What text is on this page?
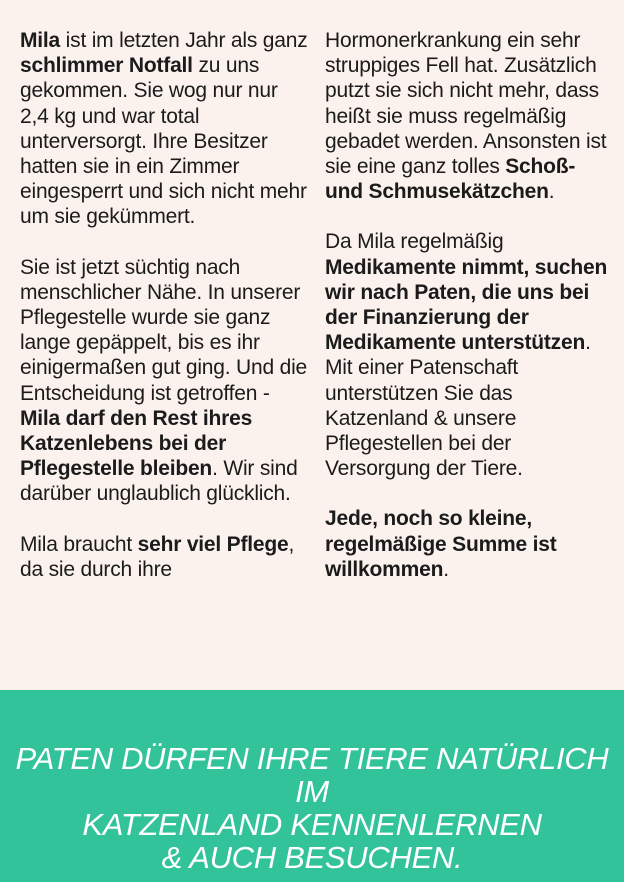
Mila ist im letzten Jahr als ganz schlimmer Notfall zu uns gekommen. Sie wog nur nur 2,4 kg und war total unterversorgt. Ihre Besitzer hatten sie in ein Zimmer eingesperrt und sich nicht mehr um sie gekümmert.

Sie ist jetzt süchtig nach menschlicher Nähe. In unserer Pflegestelle wurde sie ganz lange gepäppelt, bis es ihr einigermaßen gut ging. Und die Entscheidung ist getroffen - Mila darf den Rest ihres Katzenlebens bei der Pflegestelle bleiben. Wir sind darüber unglaublich glücklich.

Mila braucht sehr viel Pflege, da sie durch ihre

Hormonerkrankung ein sehr struppiges Fell hat. Zusätzlich putzt sie sich nicht mehr, dass heißt sie muss regelmäßig gebadet werden. Ansonsten ist sie eine ganz tolles Schoß- und Schmusekätzchen.

Da Mila regelmäßig Medikamente nimmt, suchen wir nach Paten, die uns bei der Finanzierung der Medikamente unterstützen. Mit einer Patenschaft unterstützen Sie das Katzenland & unsere Pflegestellen bei der Versorgung der Tiere.

Jede, noch so kleine, regelmäßige Summe ist willkommen.

PATEN DÜRFEN IHRE TIERE NATÜRLICH IM
KATZENLAND KENNENLERNEN
& AUCH BESUCHEN.
